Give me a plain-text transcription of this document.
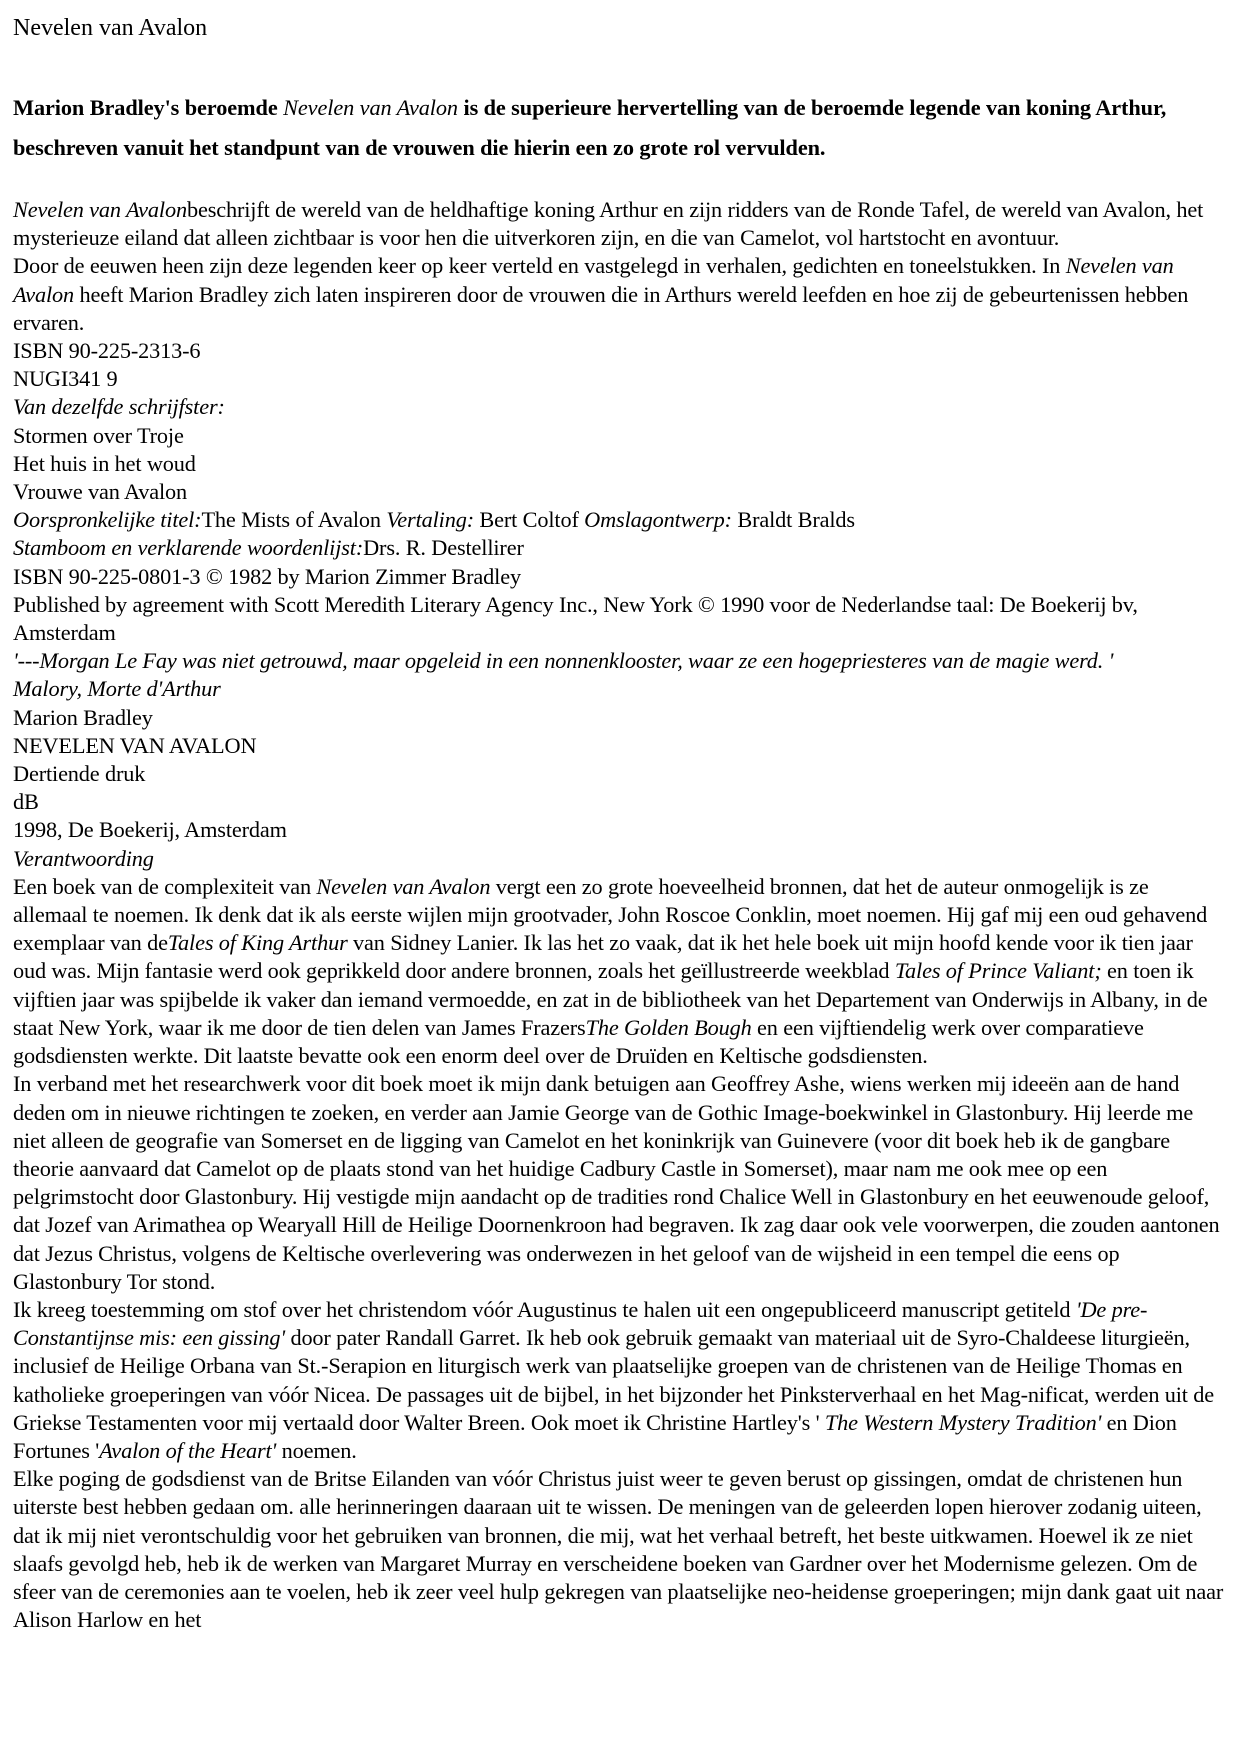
Nevelen van Avalon
Marion Bradley's beroemde Nevelen van Avalon is de superieure hervertelling van de beroemde legende van koning Arthur, beschreven vanuit het standpunt van de vrouwen die hierin een zo grote rol vervulden.

Nevelen van Avalonbeschrijft de wereld van de heldhaftige koning Arthur en zijn ridders van de Ronde Tafel, de wereld van Avalon, het mysterieuze eiland dat alleen zichtbaar is voor hen die uitverkoren zijn, en die van Camelot, vol hartstocht en avontuur.

Door de eeuwen heen zijn deze legenden keer op keer verteld en vastgelegd in verhalen, gedichten en toneelstukken. In Nevelen van Avalon heeft Marion Bradley zich laten inspireren door de vrouwen die in Arthurs wereld leefden en hoe zij de gebeurtenissen hebben ervaren.

ISBN 90-225-2313-6

NUGI341 9

Van dezelfde schrijfster:

Stormen over Troje

Het huis in het woud

Vrouwe van Avalon

Oorspronkelijke titel:The Mists of Avalon Vertaling: Bert Coltof Omslagontwerp: Braldt Bralds

Stamboom en verklarende woordenlijst:Drs. R. Destellirer

ISBN 90-225-0801-3 © 1982 by Marion Zimmer Bradley

Published by agreement with Scott Meredith Literary Agency Inc., New York © 1990 voor de Nederlandse taal: De Boekerij bv, Amsterdam

'---Morgan Le Fay was niet getrouwd, maar opgeleid in een nonnenklooster, waar ze een hogepriesteres van de magie werd. '

Malory, Morte d'Arthur

Marion Bradley

NEVELEN VAN AVALON

Dertiende druk

dB

1998, De Boekerij, Amsterdam

Verantwoording

Een boek van de complexiteit van Nevelen van Avalon vergt een zo grote hoeveelheid bronnen, dat het de auteur onmogelijk is ze allemaal te noemen. Ik denk dat ik als eerste wijlen mijn grootvader, John Roscoe Conklin, moet noemen. Hij gaf mij een oud gehavend exemplaar van deTales of King Arthur van Sidney Lanier. Ik las het zo vaak, dat ik het hele boek uit mijn hoofd kende voor ik tien jaar oud was. Mijn fantasie werd ook geprikkeld door andere bronnen, zoals het geïllustreerde weekblad Tales of Prince Valiant; en toen ik vijftien jaar was spijbelde ik vaker dan iemand vermoedde, en zat in de bibliotheek van het Departement van Onderwijs in Albany, in de staat New York, waar ik me door de tien delen van James FrazersThe Golden Bough en een vijftiendelig werk over comparatieve godsdiensten werkte. Dit laatste bevatte ook een enorm deel over de Druïden en Keltische godsdiensten.

In verband met het researchwerk voor dit boek moet ik mijn dank betuigen aan Geoffrey Ashe, wiens werken mij ideeën aan de hand deden om in nieuwe richtingen te zoeken, en verder aan Jamie George van de Gothic Image-boekwinkel in Glastonbury. Hij leerde me niet alleen de geografie van Somerset en de ligging van Camelot en het koninkrijk van Guinevere (voor dit boek heb ik de gangbare theorie aanvaard dat Camelot op de plaats stond van het huidige Cadbury Castle in Somerset), maar nam me ook mee op een pelgrimstocht door Glastonbury. Hij vestigde mijn aandacht op de tradities rond Chalice Well in Glastonbury en het eeuwenoude geloof, dat Jozef van Arimathea op Wearyall Hill de Heilige Doornenkroon had begraven. Ik zag daar ook vele voorwerpen, die zouden aantonen dat Jezus Christus, volgens de Keltische overlevering was onderwezen in het geloof van de wijsheid in een tempel die eens op Glastonbury Tor stond.

Ik kreeg toestemming om stof over het christendom vóór Augustinus te halen uit een ongepubliceerd manuscript getiteld 'De pre-Constantijnse mis: een gissing' door pater Randall Garret. Ik heb ook gebruik gemaakt van materiaal uit de Syro-Chaldeese liturgieën, inclusief de Heilige Orbana van St.-Serapion en liturgisch werk van plaatselijke groepen van de christenen van de Heilige Thomas en katholieke groeperingen van vóór Nicea. De passages uit de bijbel, in het bijzonder het Pinksterverhaal en het Mag-nificat, werden uit de Griekse Testamenten voor mij vertaald door Walter Breen. Ook moet ik Christine Hartley's ' The Western Mystery Tradition' en Dion Fortunes 'Avalon of the Heart' noemen.

Elke poging de godsdienst van de Britse Eilanden van vóór Christus juist weer te geven berust op gissingen, omdat de christenen hun uiterste best hebben gedaan om. alle herinneringen daaraan uit te wissen. De meningen van de geleerden lopen hierover zodanig uiteen, dat ik mij niet verontschuldig voor het gebruiken van bronnen, die mij, wat het verhaal betreft, het beste uitkwamen. Hoewel ik ze niet slaafs gevolgd heb, heb ik de werken van Margaret Murray en verscheidene boeken van Gardner over het Modernisme gelezen. Om de sfeer van de ceremonies aan te voelen, heb ik zeer veel hulp gekregen van plaatselijke neo-heidense groeperingen; mijn dank gaat uit naar Alison Harlow en het
